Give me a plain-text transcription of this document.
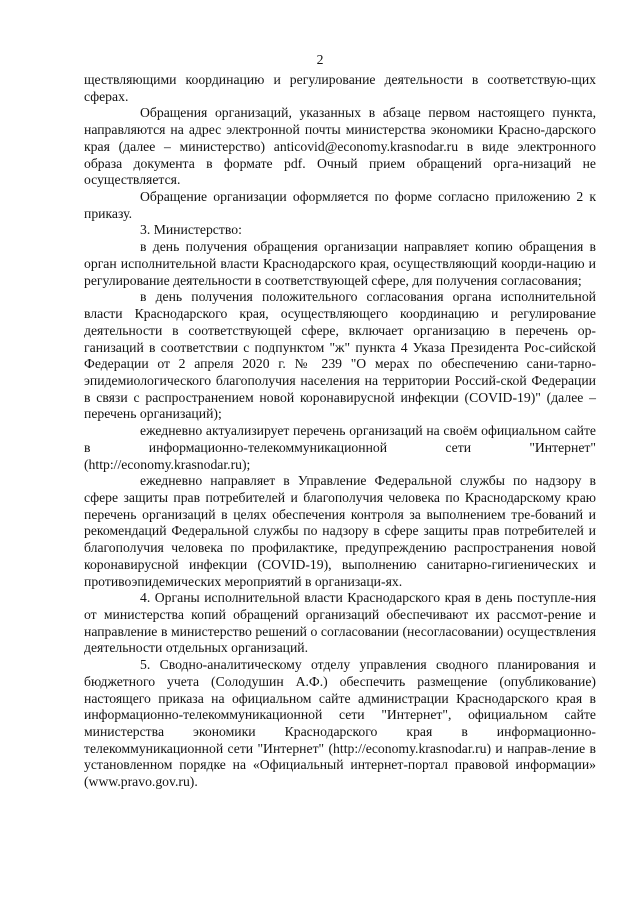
2

ществляющими координацию и регулирование деятельности в соответствую-щих сферах.

Обращения организаций, указанных в абзаце первом настоящего пункта, направляются на адрес электронной почты министерства экономики Красно-дарского края (далее – министерство) anticovid@economy.krasnodar.ru в виде электронного образа документа в формате pdf. Очный прием обращений орга-низаций не осуществляется.

Обращение организации оформляется по форме согласно приложению 2 к приказу.

3. Министерство:

в день получения обращения организации направляет копию обращения в орган исполнительной власти Краснодарского края, осуществляющий коорди-нацию и регулирование деятельности в соответствующей сфере, для получения согласования;

в день получения положительного согласования органа исполнительной власти Краснодарского края, осуществляющего координацию и регулирование деятельности в соответствующей сфере, включает организацию в перечень ор-ганизаций в соответствии с подпунктом "ж" пункта 4 Указа Президента Рос-сийской Федерации от 2 апреля 2020 г. № 239 "О мерах по обеспечению сани-тарно-эпидемиологического благополучия населения на территории Россий-ской Федерации в связи с распространением новой коронавирусной инфекции (COVID-19)" (далее – перечень организаций);

ежедневно актуализирует перечень организаций на своём официальном сайте в информационно-телекоммуникационной сети "Интернет" (http://economy.krasnodar.ru);

ежедневно направляет в Управление Федеральной службы по надзору в сфере защиты прав потребителей и благополучия человека по Краснодарскому краю перечень организаций в целях обеспечения контроля за выполнением тре-бований и рекомендаций Федеральной службы по надзору в сфере защиты прав потребителей и благополучия человека по профилактике, предупреждению распространения новой коронавирусной инфекции (COVID-19), выполнению санитарно-гигиенических и противоэпидемических мероприятий в организаци-ях.

4. Органы исполнительной власти Краснодарского края в день поступле-ния от министерства копий обращений организаций обеспечивают их рассмот-рение и направление в министерство решений о согласовании (несогласовании) осуществления деятельности отдельных организаций.

5. Сводно-аналитическому отделу управления сводного планирования и бюджетного учета (Солодушин А.Ф.) обеспечить размещение (опубликование) настоящего приказа на официальном сайте администрации Краснодарского края в информационно-телекоммуникационной сети "Интернет", официальном сайте министерства экономики Краснодарского края в информационно-телекоммуникационной сети "Интернет" (http://economy.krasnodar.ru) и направ-ление в установленном порядке на «Официальный интернет-портал правовой информации» (www.pravo.gov.ru).
